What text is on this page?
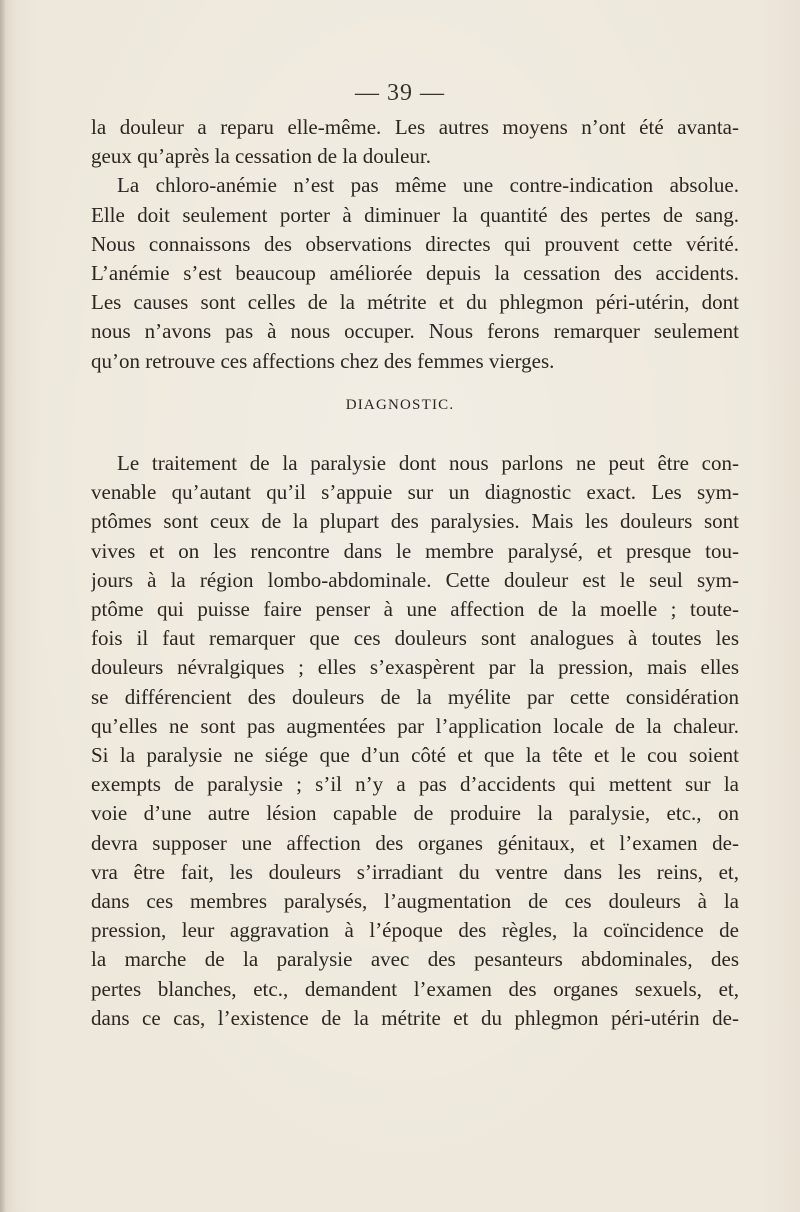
— 39 —
la douleur a reparu elle-même. Les autres moyens n’ont été avanta-
geux qu’après la cessation de la douleur.
La chloro-anémie n’est pas même une contre-indication absolue.
Elle doit seulement porter à diminuer la quantité des pertes de sang.
Nous connaissons des observations directes qui prouvent cette vérité.
L’anémie s’est beaucoup améliorée depuis la cessation des accidents.
Les causes sont celles de la métrite et du phlegmon péri-utérin, dont
nous n’avons pas à nous occuper. Nous ferons remarquer seulement
qu’on retrouve ces affections chez des femmes vierges.
DIAGNOSTIC.
Le traitement de la paralysie dont nous parlons ne peut être con-
venable qu’autant qu’il s’appuie sur un diagnostic exact. Les sym-
ptômes sont ceux de la plupart des paralysies. Mais les douleurs sont
vives et on les rencontre dans le membre paralysé, et presque tou-
jours à la région lombo-abdominale. Cette douleur est le seul sym-
ptôme qui puisse faire penser à une affection de la moelle ; toute-
fois il faut remarquer que ces douleurs sont analogues à toutes les
douleurs névralgiques ; elles s’exaspèrent par la pression, mais elles
se différencient des douleurs de la myélite par cette considération
qu’elles ne sont pas augmentées par l’application locale de la chaleur.
Si la paralysie ne siége que d’un côté et que la tête et le cou soient
exempts de paralysie ; s’il n’y a pas d’accidents qui mettent sur la
voie d’une autre lésion capable de produire la paralysie, etc., on
devra supposer une affection des organes génitaux, et l’examen de-
vra être fait, les douleurs s’irradiant du ventre dans les reins, et,
dans ces membres paralysés, l’augmentation de ces douleurs à la
pression, leur aggravation à l’époque des règles, la coïncidence de
la marche de la paralysie avec des pesanteurs abdominales, des
pertes blanches, etc., demandent l’examen des organes sexuels, et,
dans ce cas, l’existence de la métrite et du phlegmon péri-utérin de-
